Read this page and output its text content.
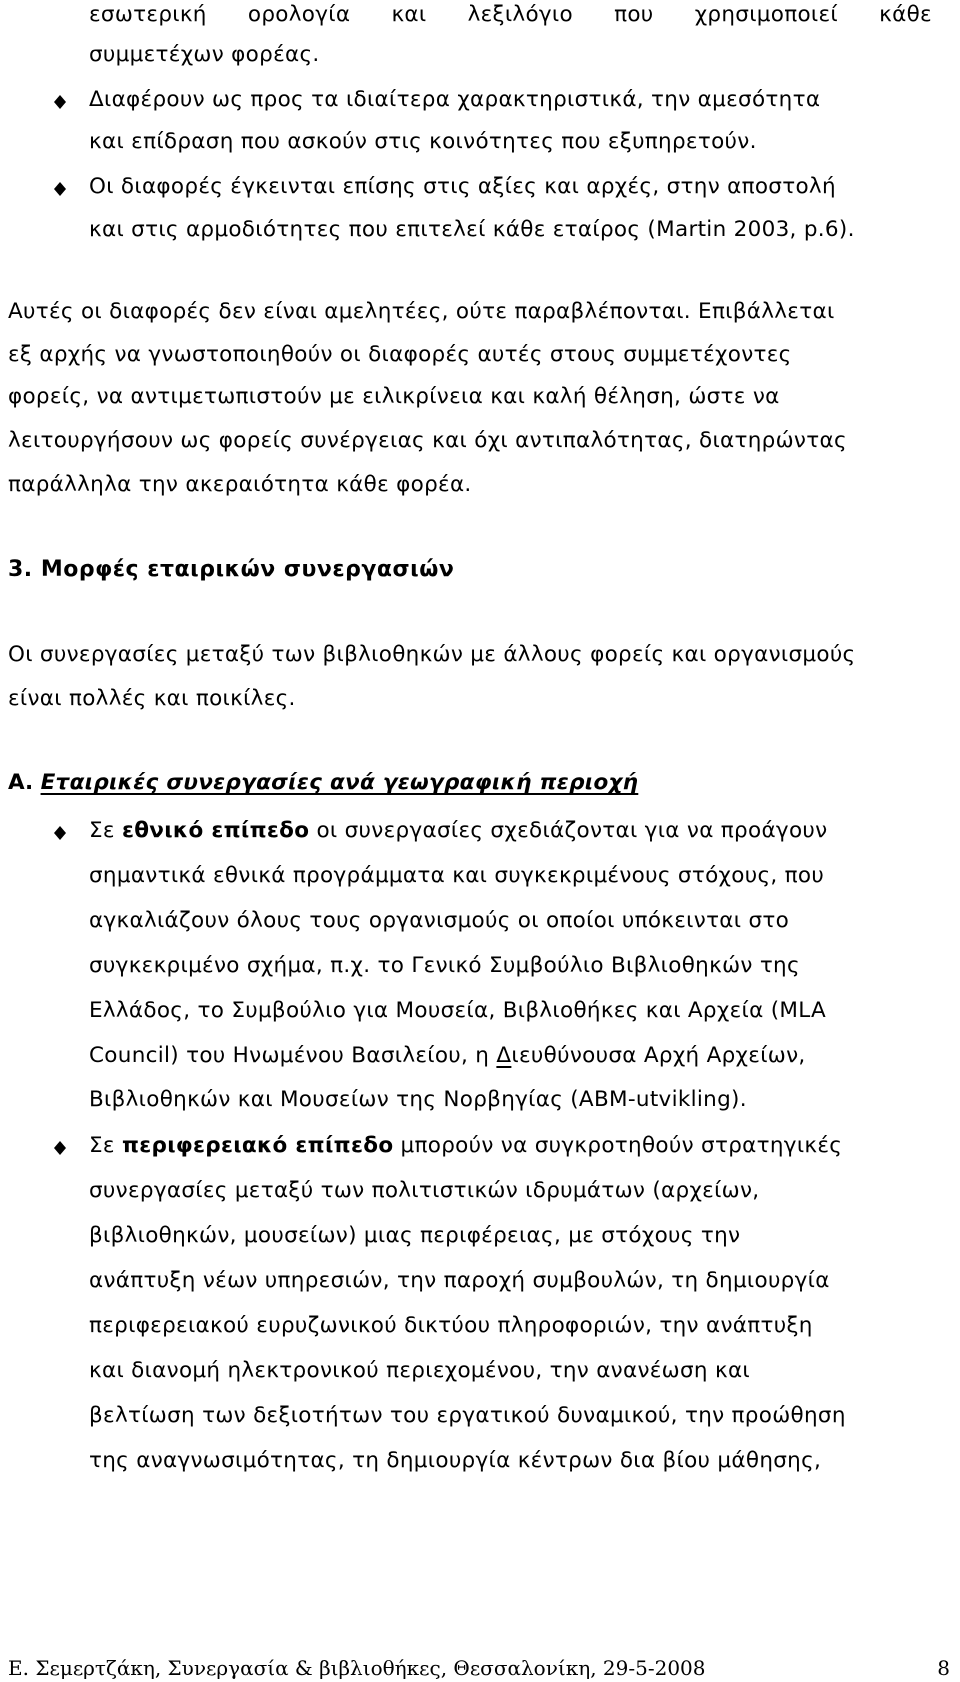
εσωτερική ορολογία και λεξιλόγιο που χρησιμοποιεί κάθε
συμμετέχων φορέας.
Διαφέρουν ως προς τα ιδιαίτερα χαρακτηριστικά, την αμεσότητα
και επίδραση που ασκούν στις κοινότητες που εξυπηρετούν.
Οι διαφορές έγκεινται επίσης στις αξίες και αρχές, στην αποστολή
και στις αρμοδιότητες που επιτελεί κάθε εταίρος (Martin 2003, p.6).
Αυτές οι διαφορές δεν είναι αμελητέες, ούτε παραβλέπονται. Επιβάλλεται
εξ αρχής να γνωστοποιηθούν οι διαφορές αυτές στους συμμετέχοντες
φορείς, να αντιμετωπιστούν με ειλικρίνεια και καλή θέληση, ώστε να
λειτουργήσουν ως φορείς συνέργειας και όχι αντιπαλότητας, διατηρώντας
παράλληλα την ακεραιότητα κάθε φορέα.
3. Μορφές εταιρικών συνεργασιών
Οι συνεργασίες μεταξύ των βιβλιοθηκών με άλλους φορείς και οργανισμούς
είναι πολλές και ποικίλες.
Α. Εταιρικές συνεργασίες ανά γεωγραφική περιοχή
Σε εθνικό επίπεδο οι συνεργασίες σχεδιάζονται για να προάγουν
σημαντικά εθνικά προγράμματα και συγκεκριμένους στόχους, που
αγκαλιάζουν όλους τους οργανισμούς οι οποίοι υπόκεινται στο
συγκεκριμένο σχήμα, π.χ. το Γενικό Συμβούλιο Βιβλιοθηκών της
Ελλάδος, το Συμβούλιο για Μουσεία, Βιβλιοθήκες και Αρχεία (MLA
Council) του Ηνωμένου Βασιλείου, η Διευθύνουσα Αρχή Αρχείων,
Βιβλιοθηκών και Μουσείων της Νορβηγίας (ABM-utvikling).
Σε περιφερειακό επίπεδο μπορούν να συγκροτηθούν στρατηγικές
συνεργασίες μεταξύ των πολιτιστικών ιδρυμάτων (αρχείων,
βιβλιοθηκών, μουσείων) μιας περιφέρειας, με στόχους την
ανάπτυξη νέων υπηρεσιών, την παροχή συμβουλών, τη δημιουργία
περιφερειακού ευρυζωνικού δικτύου πληροφοριών, την ανάπτυξη
και διανομή ηλεκτρονικού περιεχομένου, την ανανέωση και
βελτίωση των δεξιοτήτων του εργατικού δυναμικού, την προώθηση
της αναγνωσιμότητας, τη δημιουργία κέντρων δια βίου μάθησης,
Ε. Σεμερτζάκη, Συνεργασία & βιβλιοθήκες, Θεσσαλονίκη, 29-5-2008	8
